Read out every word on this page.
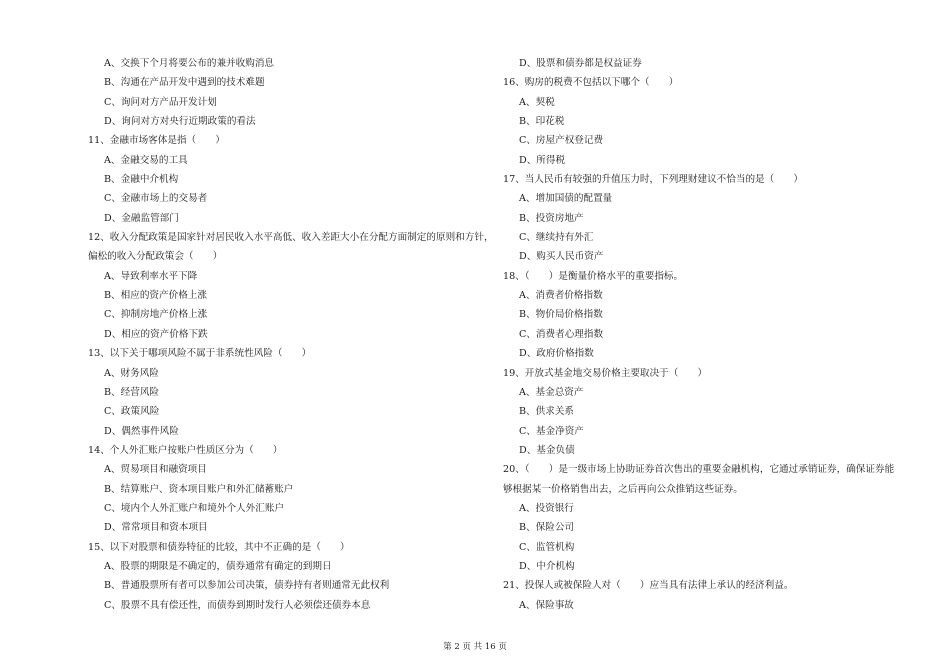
A、交换下个月将要公布的兼并收购消息
B、沟通在产品开发中遇到的技术难题
C、询问对方产品开发计划
D、询问对方对央行近期政策的看法
11、金融市场客体是指（　　）
A、金融交易的工具
B、金融中介机构
C、金融市场上的交易者
D、金融监管部门
12、收入分配政策是国家针对居民收入水平高低、收入差距大小在分配方面制定的原则和方针，
偏松的收入分配政策会（　　）
A、导致利率水平下降
B、相应的资产价格上涨
C、抑制房地产价格上涨
D、相应的资产价格下跌
13、以下关于哪项风险不属于非系统性风险（　　）
A、财务风险
B、经营风险
C、政策风险
D、偶然事件风险
14、个人外汇账户按账户性质区分为（　　）
A、贸易项目和融资项目
B、结算账户、资本项目账户和外汇储蓄账户
C、境内个人外汇账户和境外个人外汇账户
D、常常项目和资本项目
15、以下对股票和债券特征的比较，其中不正确的是（　　）
A、股票的期限是不确定的，债券通常有确定的到期日
B、普通股票所有者可以参加公司决策，债券持有者则通常无此权利
C、股票不具有偿还性，而债券到期时发行人必须偿还债券本息
D、股票和债券都是权益证券
16、购房的税费不包括以下哪个（　　）
A、契税
B、印花税
C、房屋产权登记费
D、所得税
17、当人民币有较强的升值压力时，下列理财建议不恰当的是（　　）
A、增加国债的配置量
B、投资房地产
C、继续持有外汇
D、购买人民币资产
18、（　　）是衡量价格水平的重要指标。
A、消费者价格指数
B、物价局价格指数
C、消费者心理指数
D、政府价格指数
19、开放式基金地交易价格主要取决于（　　）
A、基金总资产
B、供求关系
C、基金净资产
D、基金负债
20、（　　）是一级市场上协助证券首次售出的重要金融机构，它通过承销证券，确保证券能
够根据某一价格销售出去，之后再向公众推销这些证券。
A、投资银行
B、保险公司
C、监管机构
D、中介机构
21、投保人或被保险人对（　　）应当具有法律上承认的经济利益。
A、保险事故
第 2 页 共 16 页
